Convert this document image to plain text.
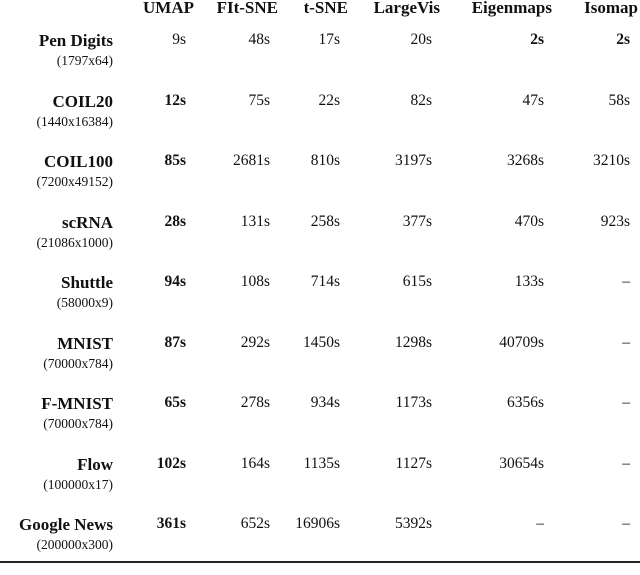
	UMAP	FIt-SNE	t-SNE	LargeVis	Eigenmaps	Isomap

Pen Digits
(1797x64)	9s	48s	17s	20s	2s	2s

COIL20
(1440x16384)	12s	75s	22s	82s	47s	58s

COIL100
(7200x49152)	85s	2681s	810s	3197s	3268s	3210s

scRNA
(21086x1000)	28s	131s	258s	377s	470s	923s

Shuttle
(58000x9)	94s	108s	714s	615s	133s	–

MNIST
(70000x784)	87s	292s	1450s	1298s	40709s	–

F-MNIST
(70000x784)	65s	278s	934s	1173s	6356s	–

Flow
(100000x17)	102s	164s	1135s	1127s	30654s	–

Google News
(200000x300)	361s	652s	16906s	5392s	–	–
